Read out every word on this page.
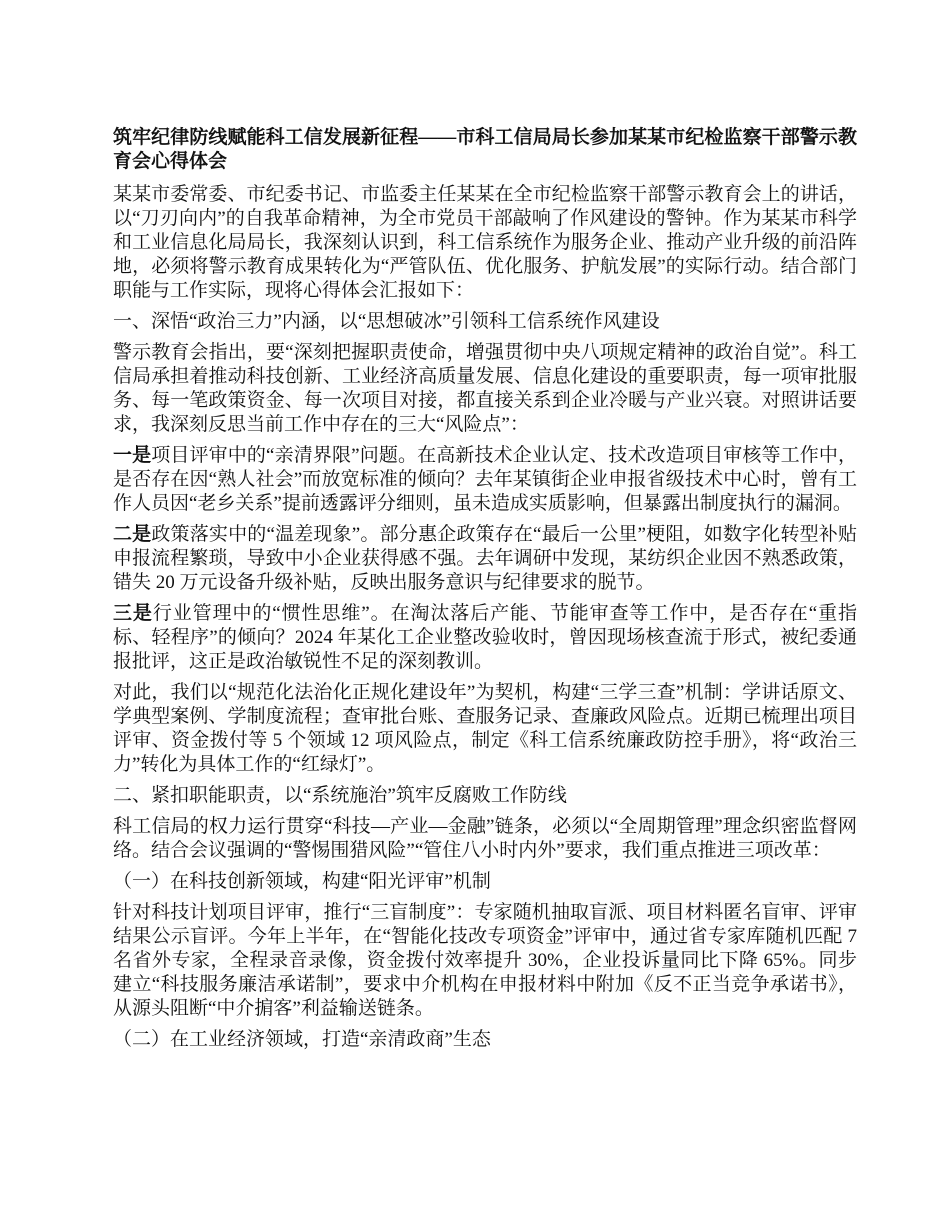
筑牢纪律防线赋能科工信发展新征程——市科工信局局长参加某某市纪检监察干部警示教育会心得体会

某某市委常委、市纪委书记、市监委主任某某在全市纪检监察干部警示教育会上的讲话，以“刀刃向内”的自我革命精神，为全市党员干部敲响了作风建设的警钟。作为某某市科学和工业信息化局局长，我深刻认识到，科工信系统作为服务企业、推动产业升级的前沿阵地，必须将警示教育成果转化为“严管队伍、优化服务、护航发展”的实际行动。结合部门职能与工作实际，现将心得体会汇报如下：

一、深悟“政治三力”内涵，以“思想破冰”引领科工信系统作风建设

警示教育会指出，要“深刻把握职责使命，增强贯彻中央八项规定精神的政治自觉”。科工信局承担着推动科技创新、工业经济高质量发展、信息化建设的重要职责，每一项审批服务、每一笔政策资金、每一次项目对接，都直接关系到企业冷暖与产业兴衰。对照讲话要求，我深刻反思当前工作中存在的三大“风险点”：

一是项目评审中的“亲清界限”问题。在高新技术企业认定、技术改造项目审核等工作中，是否存在因“熟人社会”而放宽标准的倾向？去年某镇街企业申报省级技术中心时，曾有工作人员因“老乡关系”提前透露评分细则，虽未造成实质影响，但暴露出制度执行的漏洞。

二是政策落实中的“温差现象”。部分惠企政策存在“最后一公里”梗阻，如数字化转型补贴申报流程繁琐，导致中小企业获得感不强。去年调研中发现，某纺织企业因不熟悉政策，错失 20 万元设备升级补贴，反映出服务意识与纪律要求的脱节。

三是行业管理中的“惯性思维”。在淘汰落后产能、节能审查等工作中，是否存在“重指标、轻程序”的倾向？2024 年某化工企业整改验收时，曾因现场核查流于形式，被纪委通报批评，这正是政治敏锐性不足的深刻教训。

对此，我们以“规范化法治化正规化建设年”为契机，构建“三学三查”机制：学讲话原文、学典型案例、学制度流程；查审批台账、查服务记录、查廉政风险点。近期已梳理出项目评审、资金拨付等 5 个领域 12 项风险点，制定《科工信系统廉政防控手册》，将“政治三力”转化为具体工作的“红绿灯”。

二、紧扣职能职责，以“系统施治”筑牢反腐败工作防线

科工信局的权力运行贯穿“科技—产业—金融”链条，必须以“全周期管理”理念织密监督网络。结合会议强调的“警惕围猎风险”“管住八小时内外”要求，我们重点推进三项改革：

（一）在科技创新领域，构建“阳光评审”机制

针对科技计划项目评审，推行“三盲制度”：专家随机抽取盲派、项目材料匿名盲审、评审结果公示盲评。今年上半年，在“智能化技改专项资金”评审中，通过省专家库随机匹配 7 名省外专家，全程录音录像，资金拨付效率提升 30%，企业投诉量同比下降 65%。同步建立“科技服务廉洁承诺制”，要求中介机构在申报材料中附加《反不正当竞争承诺书》，从源头阻断“中介掮客”利益输送链条。

（二）在工业经济领域，打造“亲清政商”生态
